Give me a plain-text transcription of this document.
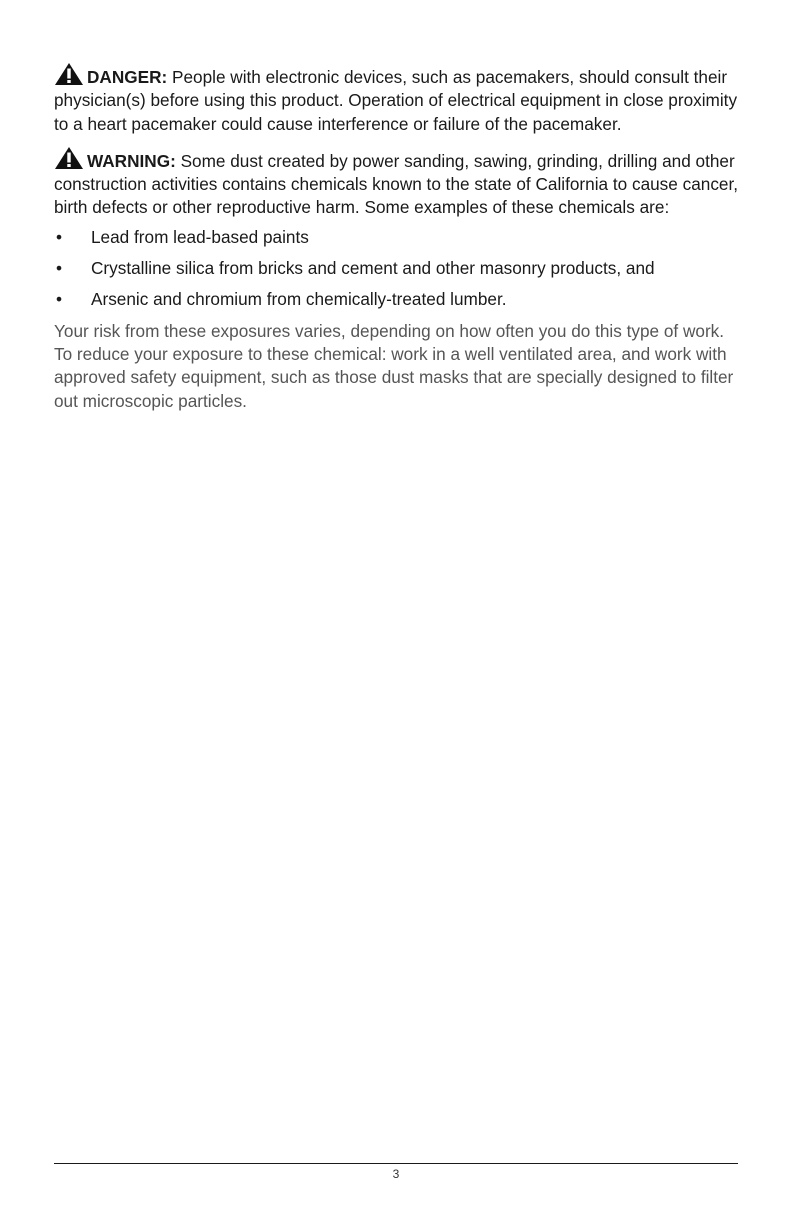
DANGER: People with electronic devices, such as pacemakers, should consult their physician(s) before using this product. Operation of electrical equipment in close proximity to a heart pacemaker could cause interference or failure of the pacemaker.

WARNING: Some dust created by power sanding, sawing, grinding, drilling and other construction activities contains chemicals known to the state of California to cause cancer, birth defects or other reproductive harm. Some examples of these chemicals are:

• Lead from lead-based paints
• Crystalline silica from bricks and cement and other masonry products, and
• Arsenic and chromium from chemically-treated lumber.

Your risk from these exposures varies, depending on how often you do this type of work. To reduce your exposure to these chemical: work in a well ventilated area, and work with approved safety equipment, such as those dust masks that are specially designed to filter out microscopic particles.

3
